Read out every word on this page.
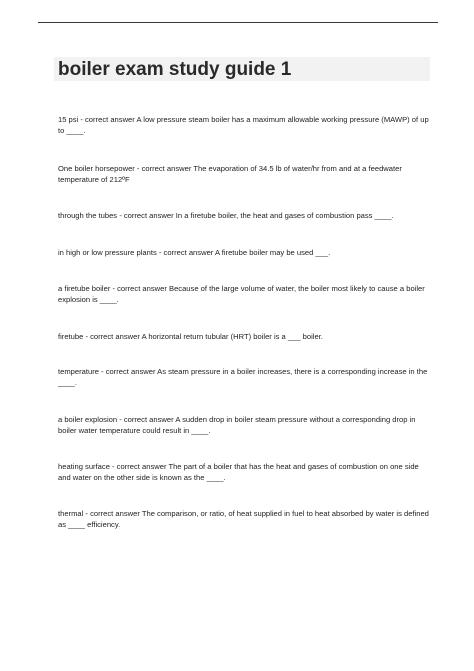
boiler exam study guide 1
15 psi - correct answer A low pressure steam boiler has a maximum allowable working pressure (MAWP) of up to ____.
One boiler horsepower - correct answer The evaporation of 34.5 lb of water/hr from and at a feedwater temperature of 212ºF
through the tubes - correct answer In a firetube boiler, the heat and gases of combustion pass ____.
in high or low pressure plants - correct answer A firetube boiler may be used ___.
a firetube boiler - correct answer Because of the large volume of water, the boiler most likely to cause a boiler explosion is ____.
firetube - correct answer A horizontal return tubular (HRT) boiler is a ___ boiler.
temperature - correct answer As steam pressure in a boiler increases, there is a corresponding increase in the ____.
a boiler explosion - correct answer A sudden drop in boiler steam pressure without a corresponding drop in boiler water temperature could result in ____.
heating surface - correct answer The part of a boiler that has the heat and gases of combustion on one side and water on the other side is known as the ____.
thermal - correct answer The comparison, or ratio, of heat supplied in fuel to heat absorbed by water is defined as ____ efficiency.
